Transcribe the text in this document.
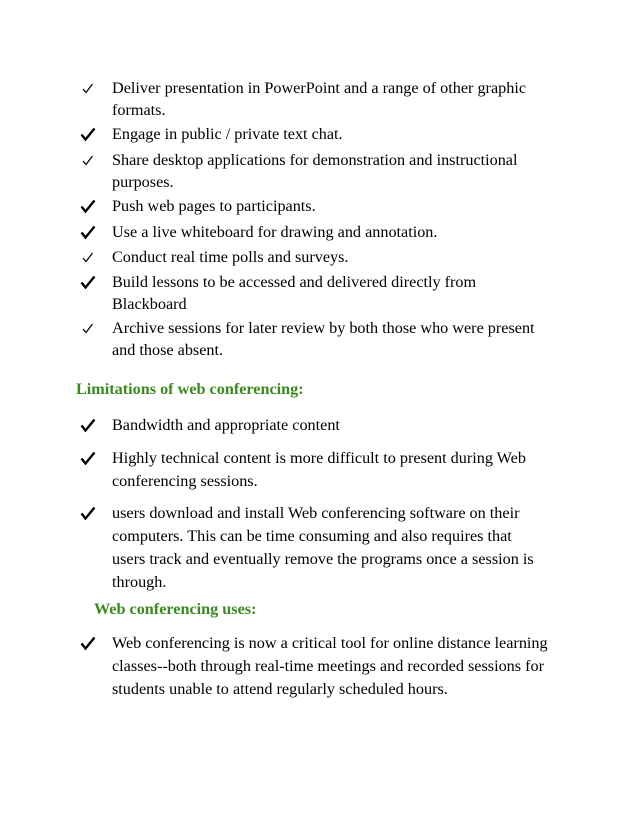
Deliver presentation in PowerPoint and a range of other graphic
formats.
Engage in public / private text chat.
Share desktop applications for demonstration and instructional
purposes.
Push web pages to participants.
Use a live whiteboard for drawing and annotation.
Conduct real time polls and surveys.
Build lessons to be accessed and delivered directly from
Blackboard
Archive sessions for later review by both those who were present
and those absent.
Limitations of web conferencing:
Bandwidth and appropriate content
Highly technical content is more difficult to present during Web
conferencing sessions.
users download and install Web conferencing software on their
computers. This can be time consuming and also requires that
users track and eventually remove the programs once a session is
through.
Web conferencing uses:
Web conferencing is now a critical tool for online distance learning
classes--both through real-time meetings and recorded sessions for
students unable to attend regularly scheduled hours.
